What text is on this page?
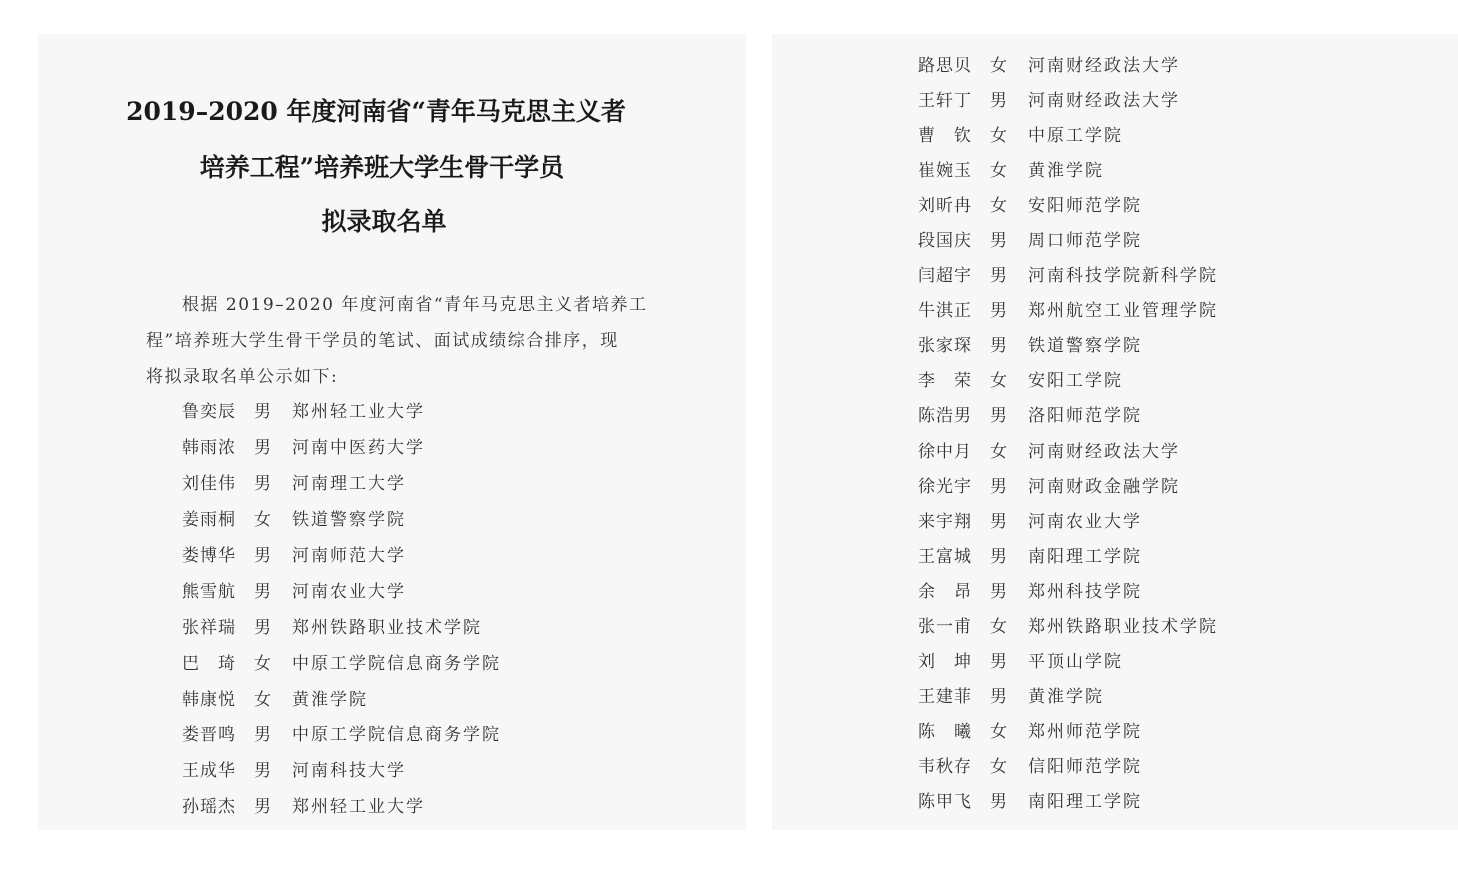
2019–2020 年度河南省“青年马克思主义者
培养工程”培养班大学生骨干学员
拟录取名单
根据 2019–2020 年度河南省“青年马克思主义者培养工
程”培养班大学生骨干学员的笔试、面试成绩综合排序，现
将拟录取名单公示如下:
鲁奕辰	男	郑州轻工业大学
韩雨浓	男	河南中医药大学
刘佳伟	男	河南理工大学
姜雨桐	女	铁道警察学院
娄博华	男	河南师范大学
熊雪航	男	河南农业大学
张祥瑞	男	郑州铁路职业技术学院
巴　琦	女	中原工学院信息商务学院
韩康悦	女	黄淮学院
娄晋鸣	男	中原工学院信息商务学院
王成华	男	河南科技大学
孙瑶杰	男	郑州轻工业大学
路思贝	女	河南财经政法大学
王轩丁	男	河南财经政法大学
曹　钦	女	中原工学院
崔婉玉	女	黄淮学院
刘昕冉	女	安阳师范学院
段国庆	男	周口师范学院
闫超宇	男	河南科技学院新科学院
牛淇正	男	郑州航空工业管理学院
张家琛	男	铁道警察学院
李　荣	女	安阳工学院
陈浩男	男	洛阳师范学院
徐中月	女	河南财经政法大学
徐光宇	男	河南财政金融学院
来宇翔	男	河南农业大学
王富城	男	南阳理工学院
余　昂	男	郑州科技学院
张一甫	女	郑州铁路职业技术学院
刘　坤	男	平顶山学院
王建菲	男	黄淮学院
陈　曦	女	郑州师范学院
韦秋存	女	信阳师范学院
陈甲飞	男	南阳理工学院
